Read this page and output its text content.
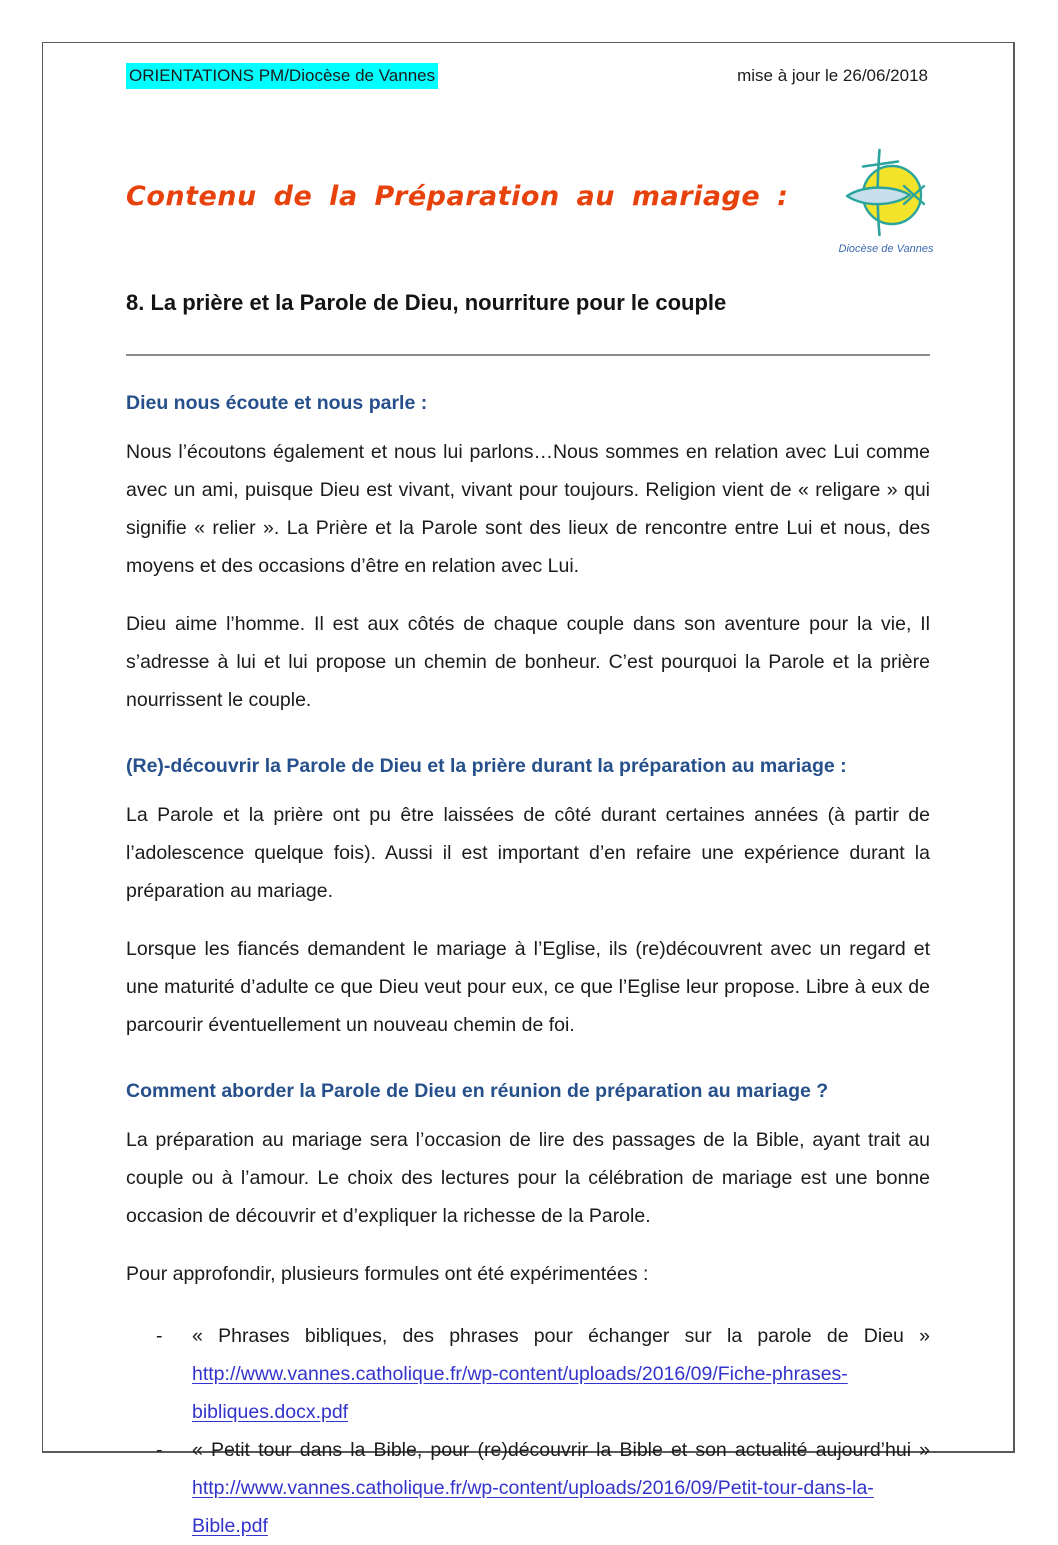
ORIENTATIONS PM/Diocèse de Vannes	mise à jour le 26/06/2018
Contenu de la Préparation au mariage :
Diocèse de Vannes
8. La prière et la Parole de Dieu, nourriture pour le couple
Dieu nous écoute et nous parle :

Nous l’écoutons également et nous lui parlons…Nous sommes en relation avec Lui comme avec un ami, puisque Dieu est vivant, vivant pour toujours. Religion vient de « religare » qui signifie « relier ». La Prière et la Parole sont des lieux de rencontre entre Lui et nous, des moyens et des occasions d’être en relation avec Lui.

Dieu aime l’homme. Il est aux côtés de chaque couple dans son aventure pour la vie, Il s’adresse à lui et lui propose un chemin de bonheur. C’est pourquoi la Parole et la prière nourrissent le couple.

(Re)-découvrir la Parole de Dieu et la prière durant la préparation au mariage :

La Parole et la prière ont pu être laissées de côté durant certaines années (à partir de l’adolescence quelque fois). Aussi il est important d’en refaire une expérience durant la préparation au mariage.

Lorsque les fiancés demandent le mariage à l’Eglise, ils (re)découvrent avec un regard et une maturité d’adulte ce que Dieu veut pour eux, ce que l’Eglise leur propose. Libre à eux de parcourir éventuellement un nouveau chemin de foi.

Comment aborder la Parole de Dieu en réunion de préparation au mariage ?

La préparation au mariage sera l’occasion de lire des passages de la Bible, ayant trait au couple ou à l’amour. Le choix des lectures pour la célébration de mariage est une bonne occasion de découvrir et d’expliquer la richesse de la Parole.

Pour approfondir, plusieurs formules ont été expérimentées :

-	« Phrases bibliques, des phrases pour échanger sur la parole de Dieu »
http://www.vannes.catholique.fr/wp-content/uploads/2016/09/Fiche-phrases-bibliques.docx.pdf
-	« Petit tour dans la Bible, pour (re)découvrir la Bible et son actualité aujourd’hui »
http://www.vannes.catholique.fr/wp-content/uploads/2016/09/Petit-tour-dans-la-Bible.pdf
